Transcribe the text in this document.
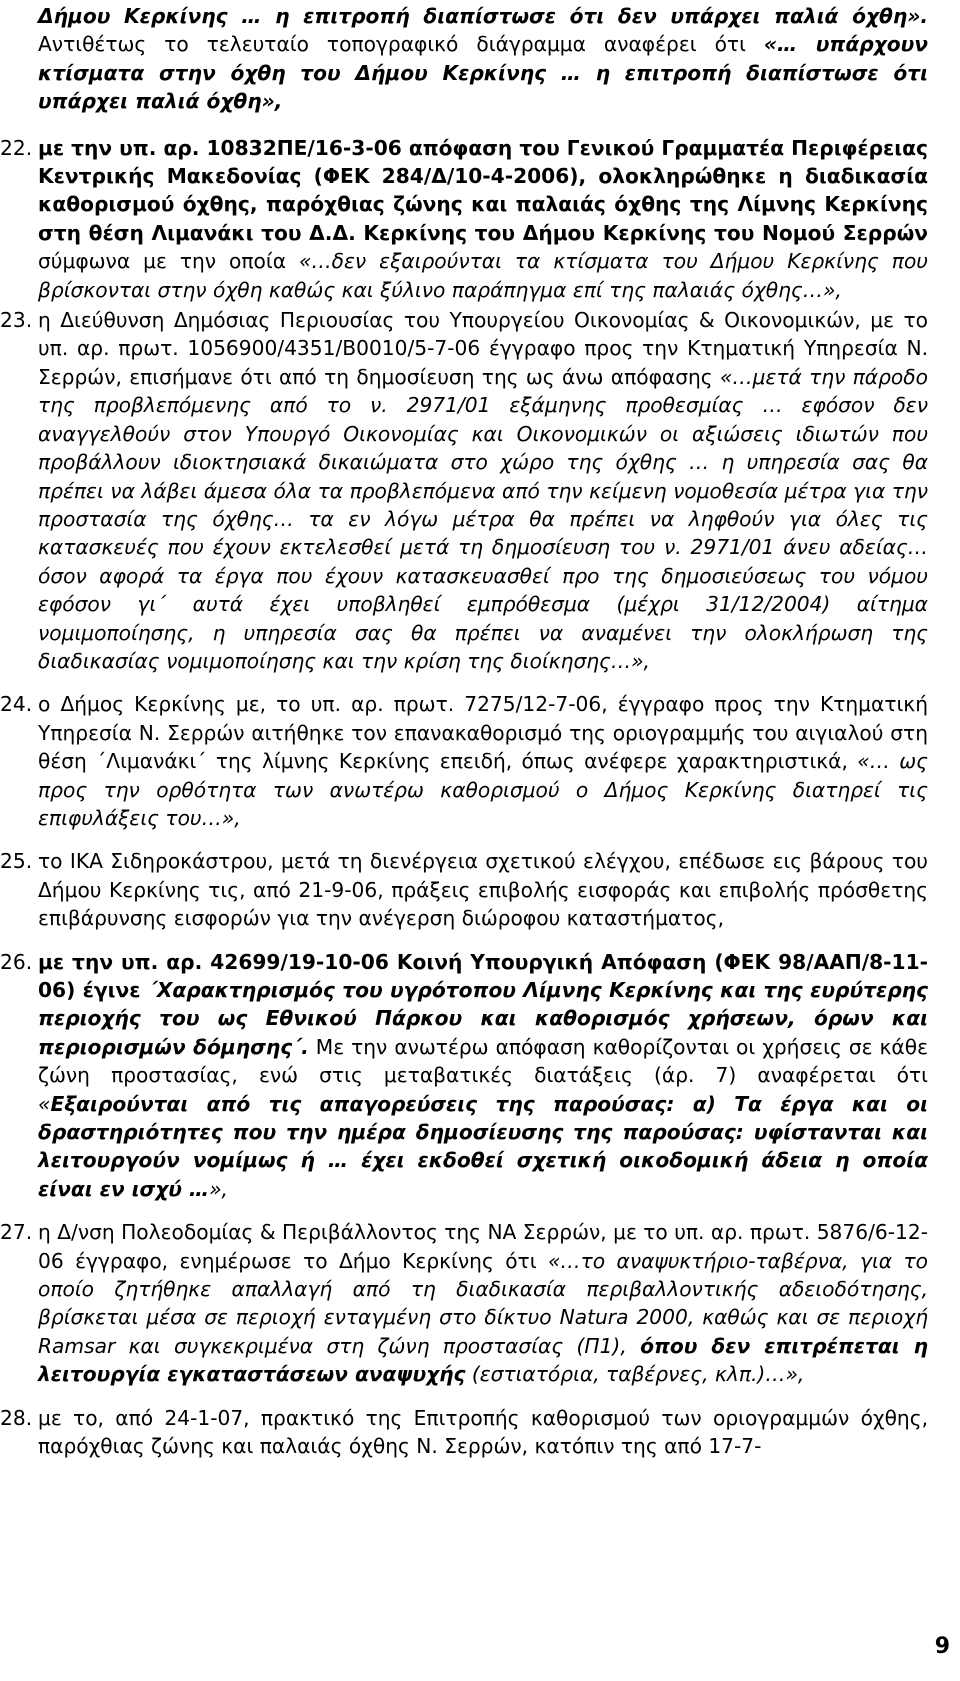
Δήμου Κερκίνης … η επιτροπή διαπίστωσε ότι δεν υπάρχει παλιά όχθη». Αντιθέτως το τελευταίο τοπογραφικό διάγραμμα αναφέρει ότι «… υπάρχουν κτίσματα στην όχθη του Δήμου Κερκίνης … η επιτροπή διαπίστωσε ότι υπάρχει παλιά όχθη»,
22. με την υπ. αρ. 10832ΠΕ/16-3-06 απόφαση του Γενικού Γραμματέα Περιφέρειας Κεντρικής Μακεδονίας (ΦΕΚ 284/Δ/10-4-2006), ολοκληρώθηκε η διαδικασία καθορισμού όχθης, παρόχθιας ζώνης και παλαιάς όχθης της Λίμνης Κερκίνης στη θέση Λιμανάκι του Δ.Δ. Κερκίνης του Δήμου Κερκίνης του Νομού Σερρών σύμφωνα με την οποία «…δεν εξαιρούνται τα κτίσματα του Δήμου Κερκίνης που βρίσκονται στην όχθη καθώς και ξύλινο παράπηγμα επί της παλαιάς όχθης…»,
23. η Διεύθυνση Δημόσιας Περιουσίας του Υπουργείου Οικονομίας & Οικονομικών, με το υπ. αρ. πρωτ. 1056900/4351/Β0010/5-7-06 έγγραφο προς την Κτηματική Υπηρεσία Ν. Σερρών, επισήμανε ότι από τη δημοσίευση της ως άνω απόφασης «…μετά την πάροδο της προβλεπόμενης από το ν. 2971/01 εξάμηνης προθεσμίας … εφόσον δεν αναγγελθούν στον Υπουργό Οικονομίας και Οικονομικών οι αξιώσεις ιδιωτών που προβάλλουν ιδιοκτησιακά δικαιώματα στο χώρο της όχθης … η υπηρεσία σας θα πρέπει να λάβει άμεσα όλα τα προβλεπόμενα από την κείμενη νομοθεσία μέτρα για την προστασία της όχθης… τα εν λόγω μέτρα θα πρέπει να ληφθούν για όλες τις κατασκευές που έχουν εκτελεσθεί μετά τη δημοσίευση του ν. 2971/01 άνευ αδείας… όσον αφορά τα έργα που έχουν κατασκευασθεί προ της δημοσιεύσεως του νόμου εφόσον γι΄ αυτά έχει υποβληθεί εμπρόθεσμα (μέχρι 31/12/2004) αίτημα νομιμοποίησης, η υπηρεσία σας θα πρέπει να αναμένει την ολοκλήρωση της διαδικασίας νομιμοποίησης και την κρίση της διοίκησης…»,
24. ο Δήμος Κερκίνης με, το υπ. αρ. πρωτ. 7275/12-7-06, έγγραφο προς την Κτηματική Υπηρεσία Ν. Σερρών αιτήθηκε τον επανακαθορισμό της οριογραμμής του αιγιαλού στη θέση ΄Λιμανάκι΄ της λίμνης Κερκίνης επειδή, όπως ανέφερε χαρακτηριστικά, «… ως προς την ορθότητα των ανωτέρω καθορισμού ο Δήμος Κερκίνης διατηρεί τις επιφυλάξεις του…»,
25. το ΙΚΑ Σιδηροκάστρου, μετά τη διενέργεια σχετικού ελέγχου, επέδωσε εις βάρους του Δήμου Κερκίνης τις, από 21-9-06, πράξεις επιβολής εισφοράς και επιβολής πρόσθετης επιβάρυνσης εισφορών για την ανέγερση διώροφου καταστήματος,
26. με την υπ. αρ. 42699/19-10-06 Κοινή Υπουργική Απόφαση (ΦΕΚ 98/ΑΑΠ/8-11-06) έγινε ΄Χαρακτηρισμός του υγρότοπου Λίμνης Κερκίνης και της ευρύτερης περιοχής του ως Εθνικού Πάρκου και καθορισμός χρήσεων, όρων και περιορισμών δόμησης΄. Με την ανωτέρω απόφαση καθορίζονται οι χρήσεις σε κάθε ζώνη προστασίας, ενώ στις μεταβατικές διατάξεις (άρ. 7) αναφέρεται ότι «Εξαιρούνται από τις απαγορεύσεις της παρούσας: α) Τα έργα και οι δραστηριότητες που την ημέρα δημοσίευσης της παρούσας: υφίστανται και λειτουργούν νομίμως ή … έχει εκδοθεί σχετική οικοδομική άδεια η οποία είναι εν ισχύ …»,
27. η Δ/νση Πολεοδομίας & Περιβάλλοντος της ΝΑ Σερρών, με το υπ. αρ. πρωτ. 5876/6-12-06 έγγραφο, ενημέρωσε το Δήμο Κερκίνης ότι «…το αναψυκτήριο-ταβέρνα, για το οποίο ζητήθηκε απαλλαγή από τη διαδικασία περιβαλλοντικής αδειοδότησης, βρίσκεται μέσα σε περιοχή ενταγμένη στο δίκτυο Natura 2000, καθώς και σε περιοχή Ramsar και συγκεκριμένα στη ζώνη προστασίας (Π1), όπου δεν επιτρέπεται η λειτουργία εγκαταστάσεων αναψυχής (εστιατόρια, ταβέρνες, κλπ.)…»,
28. με το, από 24-1-07, πρακτικό της Επιτροπής καθορισμού των οριογραμμών όχθης, παρόχθιας ζώνης και παλαιάς όχθης Ν. Σερρών, κατόπιν της από 17-7-
9
